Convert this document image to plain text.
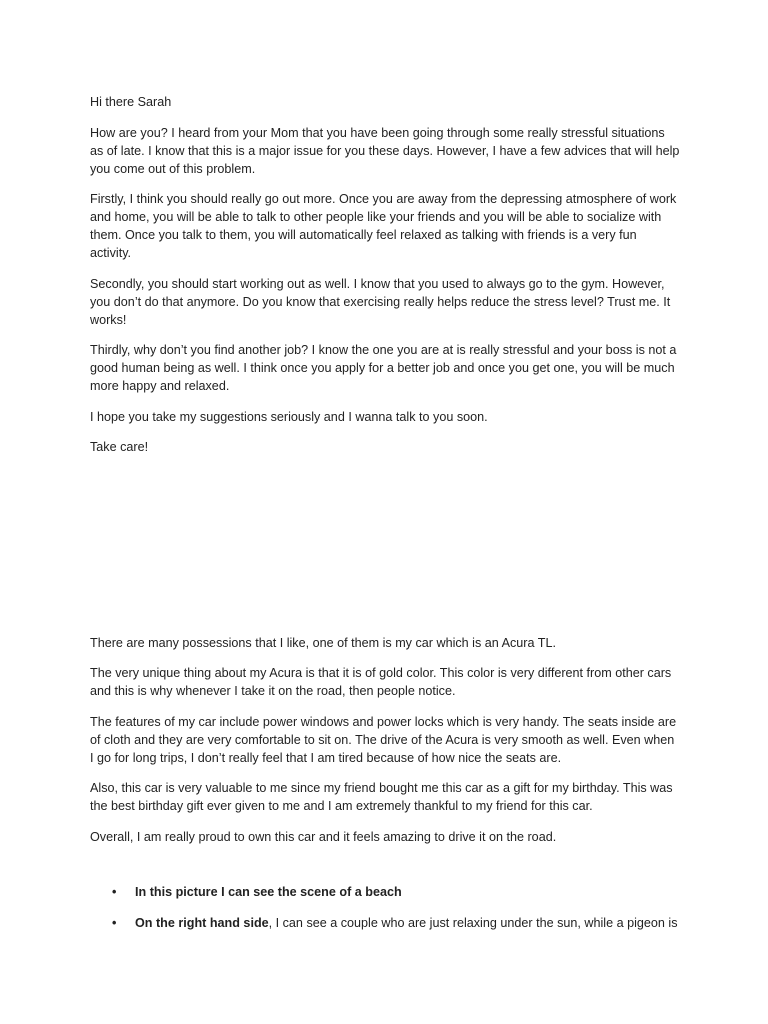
Hi there Sarah

How are you? I heard from your Mom that you have been going through some really stressful situations as of late. I know that this is a major issue for you these days. However, I have a few advices that will help you come out of this problem.

Firstly, I think you should really go out more. Once you are away from the depressing atmosphere of work and home, you will be able to talk to other people like your friends and you will be able to socialize with them. Once you talk to them, you will automatically feel relaxed as talking with friends is a very fun activity.

Secondly, you should start working out as well. I know that you used to always go to the gym. However, you don’t do that anymore. Do you know that exercising really helps reduce the stress level? Trust me. It works!

Thirdly, why don’t you find another job? I know the one you are at is really stressful and your boss is not a good human being as well. I think once you apply for a better job and once you get one, you will be much more happy and relaxed.

I hope you take my suggestions seriously and I wanna talk to you soon.

Take care!

There are many possessions that I like, one of them is my car which is an Acura TL.

The very unique thing about my Acura is that it is of gold color. This color is very different from other cars and this is why whenever I take it on the road, then people notice.

The features of my car include power windows and power locks which is very handy. The seats inside are of cloth and they are very comfortable to sit on. The drive of the Acura is very smooth as well. Even when I go for long trips, I don’t really feel that I am tired because of how nice the seats are.

Also, this car is very valuable to me since my friend bought me this car as a gift for my birthday. This was the best birthday gift ever given to me and I am extremely thankful to my friend for this car.

Overall, I am really proud to own this car and it feels amazing to drive it on the road.

• In this picture I can see the scene of a beach
• On the right hand side, I can see a couple who are just relaxing under the sun, while a pigeon is
